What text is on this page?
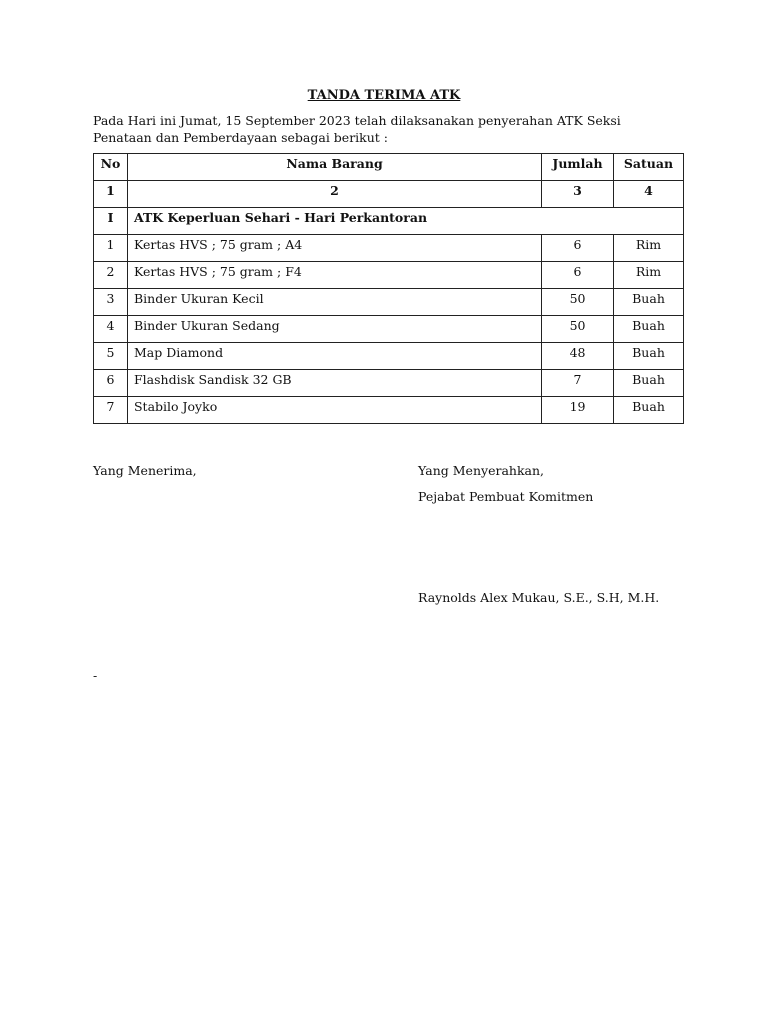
TANDA TERIMA ATK
Pada Hari ini Jumat, 15 September 2023 telah dilaksanakan penyerahan ATK Seksi
Penataan dan Pemberdayaan sebagai berikut :
No	Nama Barang	Jumlah	Satuan
1	2	3	4
I	ATK Keperluan Sehari - Hari Perkantoran		
1	Kertas HVS ; 75 gram ; A4	6	Rim
2	Kertas HVS ; 75 gram ; F4	6	Rim
3	Binder Ukuran Kecil	50	Buah
4	Binder Ukuran Sedang	50	Buah
5	Map Diamond	48	Buah
6	Flashdisk Sandisk 32 GB	7	Buah
7	Stabilo Joyko	19	Buah
Yang Menerima,	Yang Menyerahkan,
Pejabat Pembuat Komitmen
Raynolds Alex Mukau, S.E., S.H, M.H.
-
